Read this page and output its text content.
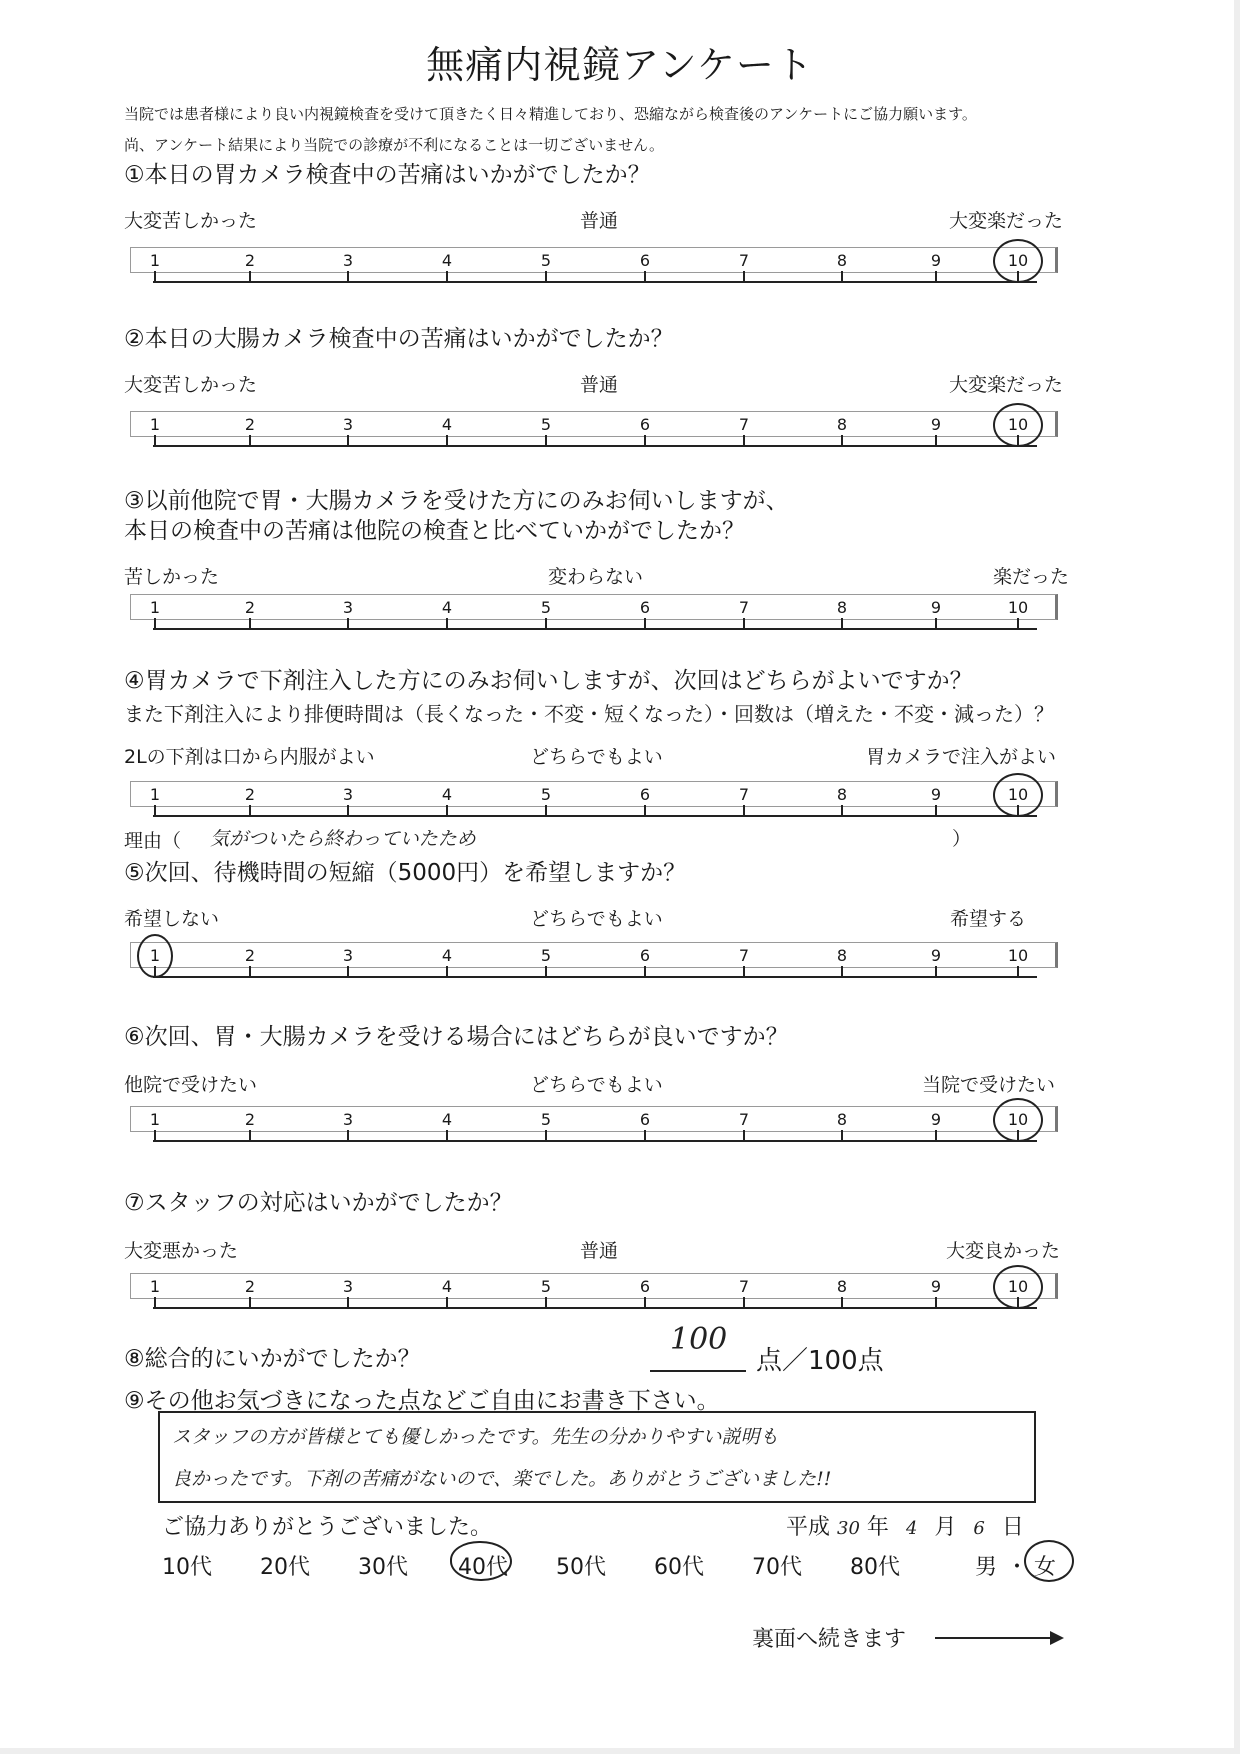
無痛内視鏡アンケート
当院では患者様により良い内視鏡検査を受けて頂きたく日々精進しており、恐縮ながら検査後のアンケートにご協力願います。
尚、アンケート結果により当院での診療が不利になることは一切ございません。
①本日の胃カメラ検査中の苦痛はいかがでしたか？
大変苦しかった	普通	大変楽だった
②本日の大腸カメラ検査中の苦痛はいかがでしたか？
大変苦しかった	普通	大変楽だった
③以前他院で胃・大腸カメラを受けた方にのみお伺いしますが、
本日の検査中の苦痛は他院の検査と比べていかがでしたか？
苦しかった	変わらない	楽だった
④胃カメラで下剤注入した方にのみお伺いしますが、次回はどちらがよいですか？
また下剤注入により排便時間は（長くなった・不変・短くなった）・回数は（増えた・不変・減った）？
2Lの下剤は口から内服がよい	どちらでもよい	胃カメラで注入がよい
理由（ 気がついたら終わっていたため	）
⑤次回、待機時間の短縮（5000円）を希望しますか？
希望しない	どちらでもよい	希望する
⑥次回、胃・大腸カメラを受ける場合にはどちらが良いですか？
他院で受けたい	どちらでもよい	当院で受けたい
⑦スタッフの対応はいかがでしたか？
大変悪かった	普通	大変良かった
⑧総合的にいかがでしたか？
100
点／100点
⑨その他お気づきになった点などご自由にお書き下さい。
スタッフの方が皆様とても優しかったです。先生の分かりやすい説明も
良かったです。下剤の苦痛がないので、楽でした。ありがとうございました!!
ご協力ありがとうございました。	平成 30 年 4 月 6 日
10代 20代 30代 40代 50代 60代 70代 80代	男 ・ 女
裏面へ続きます
1	2	3	4	5	6	7	8	9	10
1	2	3	4	5	6	7	8	9	10
1	2	3	4	5	6	7	8	9	10
1	2	3	4	5	6	7	8	9	10
1	2	3	4	5	6	7	8	9	10
1	2	3	4	5	6	7	8	9	10
1	2	3	4	5	6	7	8	9	10
